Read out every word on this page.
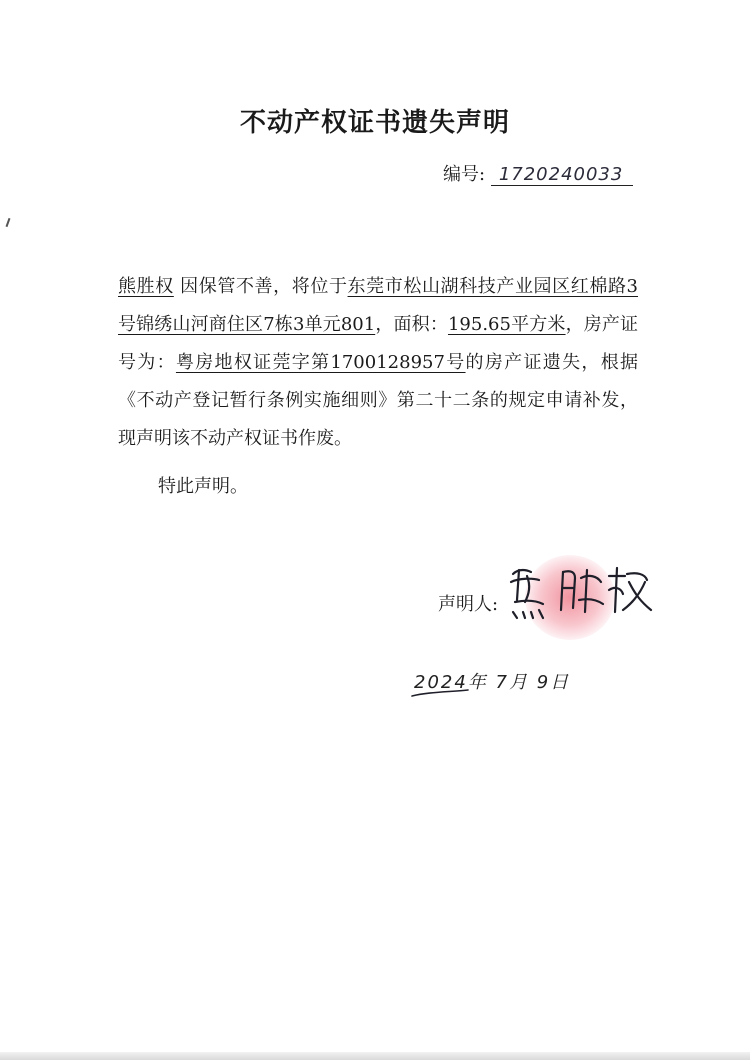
不动产权证书遗失声明
编号: 1720240033
熊胜权 因保管不善，将位于东莞市松山湖科技产业园区红棉路3号锦绣山河商住区7栋3单元801，面积：195.65平方米，房产证号为：粤房地权证莞字第1700128957号的房产证遗失，根据《不动产登记暂行条例实施细则》第二十二条的规定申请补发，现声明该不动产权证书作废。
特此声明。
声明人:
2024年 7月 9日
